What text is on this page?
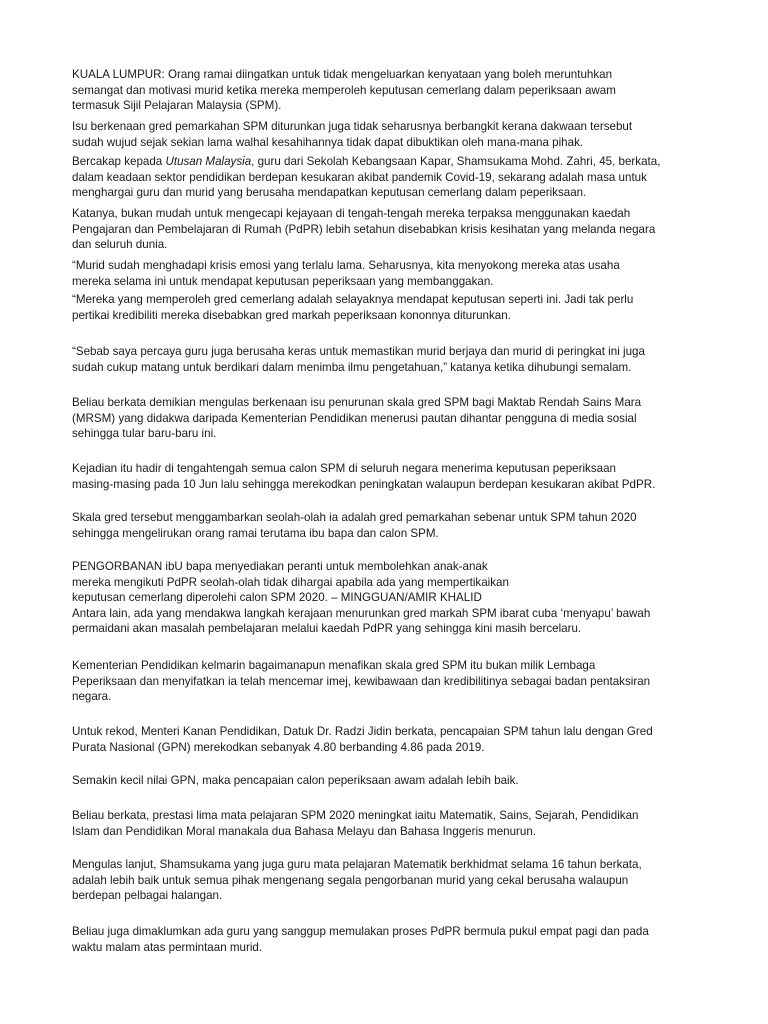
KUALA LUMPUR: Orang ramai diingatkan untuk tidak mengeluarkan kenyataan yang boleh meruntuhkan
semangat dan motivasi murid ketika mereka memperoleh keputusan cemerlang dalam peperiksaan awam
termasuk Sijil Pelajaran Malaysia (SPM).

Isu berkenaan gred pemarkahan SPM diturunkan juga tidak seharusnya berbangkit kerana dakwaan tersebut
sudah wujud sejak sekian lama walhal kesahihannya tidak dapat dibuktikan oleh mana-mana pihak.

Bercakap kepada Utusan Malaysia, guru dari Sekolah Kebangsaan Kapar, Shamsukama Mohd. Zahri, 45, berkata,
dalam keadaan sektor pendidikan berdepan kesukaran akibat pandemik Covid-19, sekarang adalah masa untuk
menghargai guru dan murid yang berusaha mendapatkan keputusan cemerlang dalam peperiksaan.

Katanya, bukan mudah untuk mengecapi kejayaan di tengah-tengah mereka terpaksa menggunakan kaedah
Pengajaran dan Pembelajaran di Rumah (PdPR) lebih setahun disebabkan krisis kesihatan yang melanda negara
dan seluruh dunia.

“Murid sudah menghadapi krisis emosi yang terlalu lama. Seharusnya, kita menyokong mereka atas usaha
mereka selama ini untuk mendapat keputusan peperiksaan yang membanggakan.

“Mereka yang memperoleh gred cemerlang adalah selayaknya mendapat keputusan seperti ini. Jadi tak perlu
pertikai kredibiliti mereka disebabkan gred markah peperiksaan kononnya diturunkan.

“Sebab saya percaya guru juga berusaha keras untuk memastikan murid berjaya dan murid di peringkat ini juga
sudah cukup matang untuk berdikari dalam menimba ilmu pengetahuan,” katanya ketika dihubungi semalam.

Beliau berkata demikian mengulas berkenaan isu penurunan skala gred SPM bagi Maktab Rendah Sains Mara
(MRSM) yang didakwa daripada Kementerian Pendidikan menerusi pautan dihantar pengguna di media sosial
sehingga tular baru-baru ini.

Kejadian itu hadir di tengahtengah semua calon SPM di seluruh negara menerima keputusan peperiksaan
masing-masing pada 10 Jun lalu sehingga merekodkan peningkatan walaupun berdepan kesukaran akibat PdPR.

Skala gred tersebut menggambarkan seolah-olah ia adalah gred pemarkahan sebenar untuk SPM tahun 2020
sehingga mengelirukan orang ramai terutama ibu bapa dan calon SPM.

PENGORBANAN ibU bapa menyediakan peranti untuk membolehkan anak-anak
mereka mengikuti PdPR seolah-olah tidak dihargai apabila ada yang mempertikaikan
keputusan cemerlang diperolehi calon SPM 2020. – MINGGUAN/AMIR KHALID
Antara lain, ada yang mendakwa langkah kerajaan menurunkan gred markah SPM ibarat cuba ‘menyapu’ bawah
permaidani akan masalah pembelajaran melalui kaedah PdPR yang sehingga kini masih bercelaru.

Kementerian Pendidikan kelmarin bagaimanapun menafikan skala gred SPM itu bukan milik Lembaga
Peperiksaan dan menyifatkan ia telah mencemar imej, kewibawaan dan kredibilitinya sebagai badan pentaksiran
negara.

Untuk rekod, Menteri Kanan Pendidikan, Datuk Dr. Radzi Jidin berkata, pencapaian SPM tahun lalu dengan Gred
Purata Nasional (GPN) merekodkan sebanyak 4.80 berbanding 4.86 pada 2019.

Semakin kecil nilai GPN, maka pencapaian calon peperiksaan awam adalah lebih baik.

Beliau berkata, prestasi lima mata pelajaran SPM 2020 meningkat iaitu Matematik, Sains, Sejarah, Pendidikan
Islam dan Pendidikan Moral manakala dua Bahasa Melayu dan Bahasa Inggeris menurun.

Mengulas lanjut, Shamsukama yang juga guru mata pelajaran Matematik berkhidmat selama 16 tahun berkata,
adalah lebih baik untuk semua pihak mengenang segala pengorbanan murid yang cekal berusaha walaupun
berdepan pelbagai halangan.

Beliau juga dimaklumkan ada guru yang sanggup memulakan proses PdPR bermula pukul empat pagi dan pada
waktu malam atas permintaan murid.
